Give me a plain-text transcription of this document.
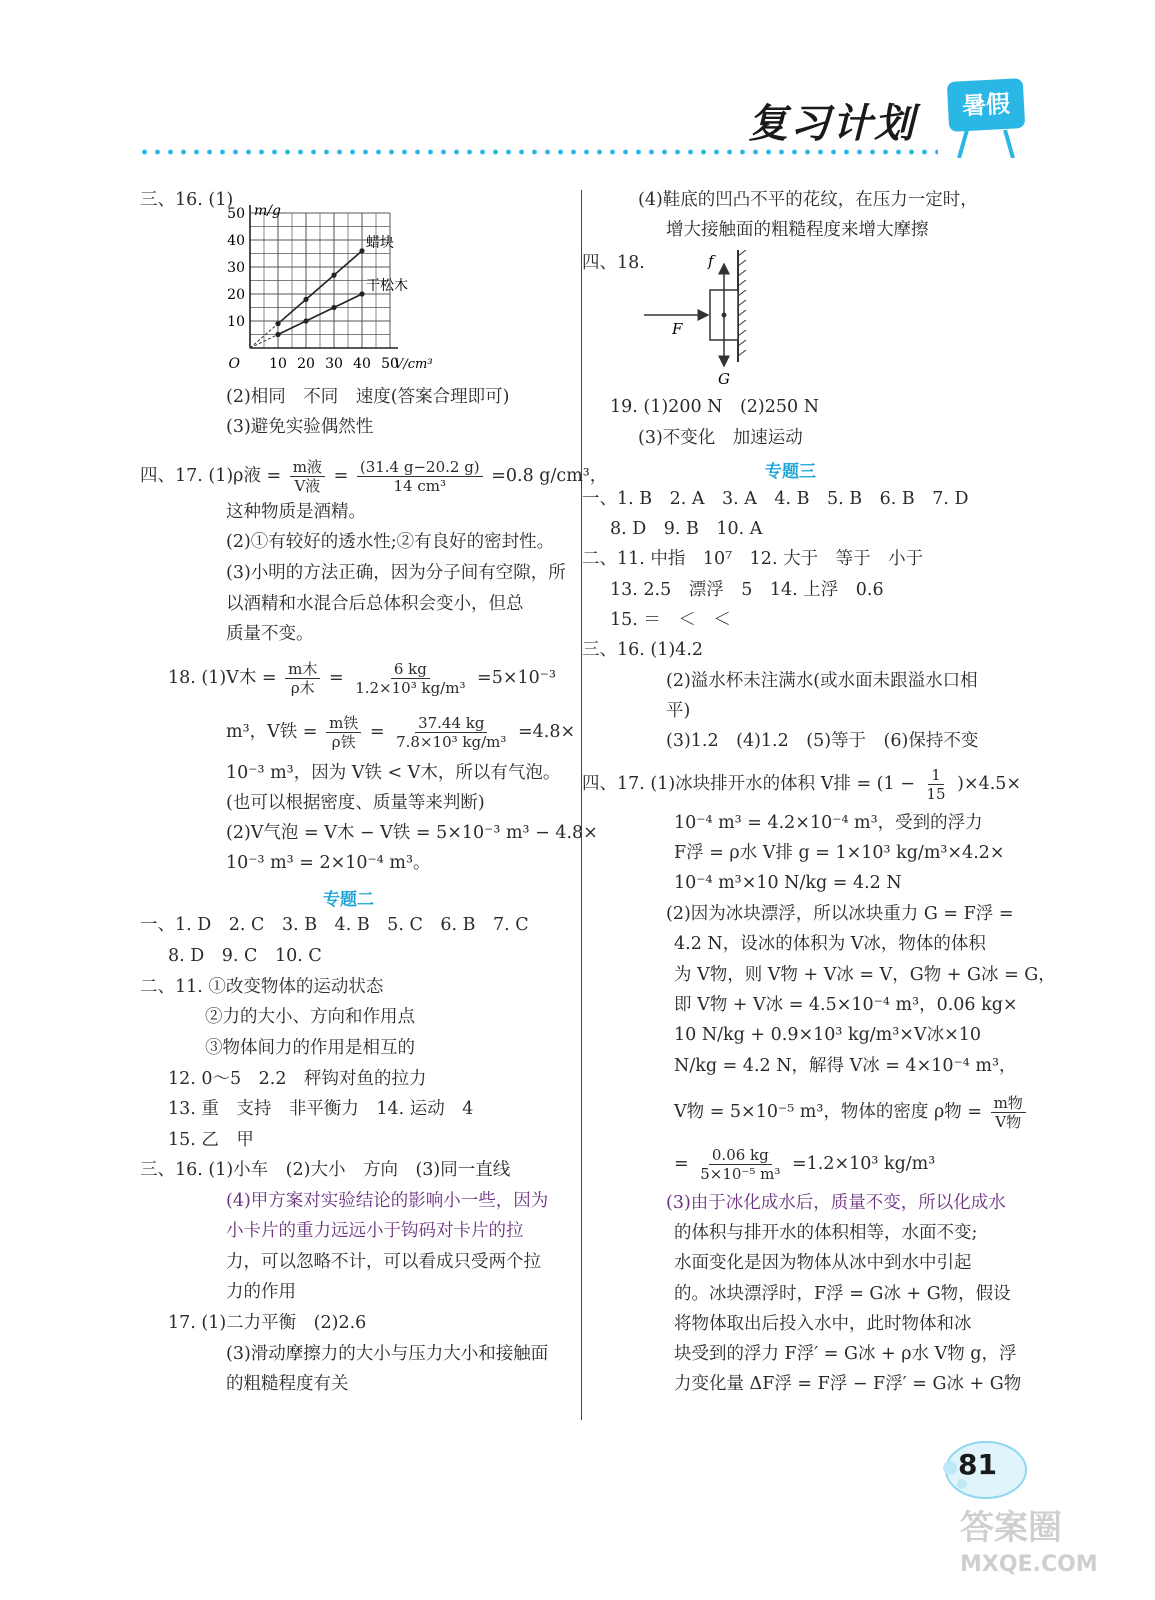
复习计划	暑假
三、16. (1)
10 20 30 40 50
10
20
30
40
50
O
m/g
V/cm³
蜡块
干松木
(2)相同　不同　速度(答案合理即可)
(3)避免实验偶然性
四、17. (1)ρ液 = $\frac{\text{m液}}{\text{V液}} = \frac{(31.4 g-20.2 g)}{\text{14 cm³}} =0.8$ g/cm³，
这种物质是酒精。
(2)①有较好的透水性;②有良好的密封性。
(3)小明的方法正确，因为分子间有空隙，所
以酒精和水混合后总体积会变小，但总
质量不变。
18. (1)V木 = $\frac{\text{m木}}{\text{ρ木}} = \frac{6 kg}{\text{1.2×10³ kg/m³}} =5\times 10^{-3}$
m³，V铁 = $\frac{\text{m铁}}{\text{ρ铁}} = \frac{37.44 kg}{\text{7.8×10³ kg/m³}} =4.8\times$
10⁻³ m³，因为 V铁 < V木，所以有气泡。
(也可以根据密度、质量等来判断)
(2)V气泡 = V木 − V铁 = 5×10⁻³ m³ − 4.8×
10⁻³ m³ = 2×10⁻⁴ m³。
专题二
一、1. D　2. C　3. B　4. B　5. C　6. B　7. C
8. D　9. C　10. C
二、11. ①改变物体的运动状态
②力的大小、方向和作用点
③物体间力的作用是相互的
12. 0～5　2.2　秤钩对鱼的拉力
13. 重　支持　非平衡力　14. 运动　4
15. 乙　甲
三、16. (1)小车　(2)大小　方向　(3)同一直线
(4)甲方案对实验结论的影响小一些，因为
小卡片的重力远远小于钩码对卡片的拉
力，可以忽略不计，可以看成只受两个拉
力的作用
17. (1)二力平衡　(2)2.6
(3)滑动摩擦力的大小与压力大小和接触面
的粗糙程度有关
(4)鞋底的凹凸不平的花纹，在压力一定时，
增大接触面的粗糙程度来增大摩擦
四、18.	f
F
G
19. (1)200 N　(2)250 N
(3)不变化　加速运动
专题三
一、1. B　2. A　3. A　4. B　5. B　6. B　7. D
8. D　9. B　10. A
二、11. 中指　10⁷　12. 大于　等于　小于
13. 2.5　漂浮　5　14. 上浮　0.6
15. ＝　＜　＜
三、16. (1)4.2
(2)溢水杯未注满水(或水面未跟溢水口相
平)
(3)1.2　(4)1.2　(5)等于　(6)保持不变
四、17. (1)冰块排开水的体积 V排 = $(1 - \frac{1}{15} )\times 4.5\times$
10⁻⁴ m³ = 4.2×10⁻⁴ m³，受到的浮力
F浮 = ρ水 V排 g = 1×10³ kg/m³×4.2×
10⁻⁴ m³×10 N/kg = 4.2 N
(2)因为冰块漂浮，所以冰块重力 G = F浮 =
4.2 N，设冰的体积为 V冰，物体的体积
为 V物，则 V物 + V冰 = V，G物 + G冰 = G，
即 V物 + V冰 = 4.5×10⁻⁴ m³，0.06 kg×
10 N/kg + 0.9×10³ kg/m³×V冰×10
N/kg = 4.2 N，解得 V冰 = 4×10⁻⁴ m³，
V物 = 5×10⁻⁵ m³，物体的密度 ρ物 = $\frac{\text{m物}}{\text{V物}}$
= $\frac{0.06 kg}{\text{5×10⁻⁵ m³}} =1.2\times 10^3$ kg/m³
(3)由于冰化成水后，质量不变，所以化成水
的体积与排开水的体积相等，水面不变;
水面变化是因为物体从冰中到水中引起
的。冰块漂浮时，F浮 = G冰 + G物，假设
将物体取出后投入水中，此时物体和冰
块受到的浮力 F浮′ = G冰 + ρ水 V物 g，浮
力变化量 ΔF浮 = F浮 − F浮′ = G冰 + G物
81
答案圈
MXQE.COM
